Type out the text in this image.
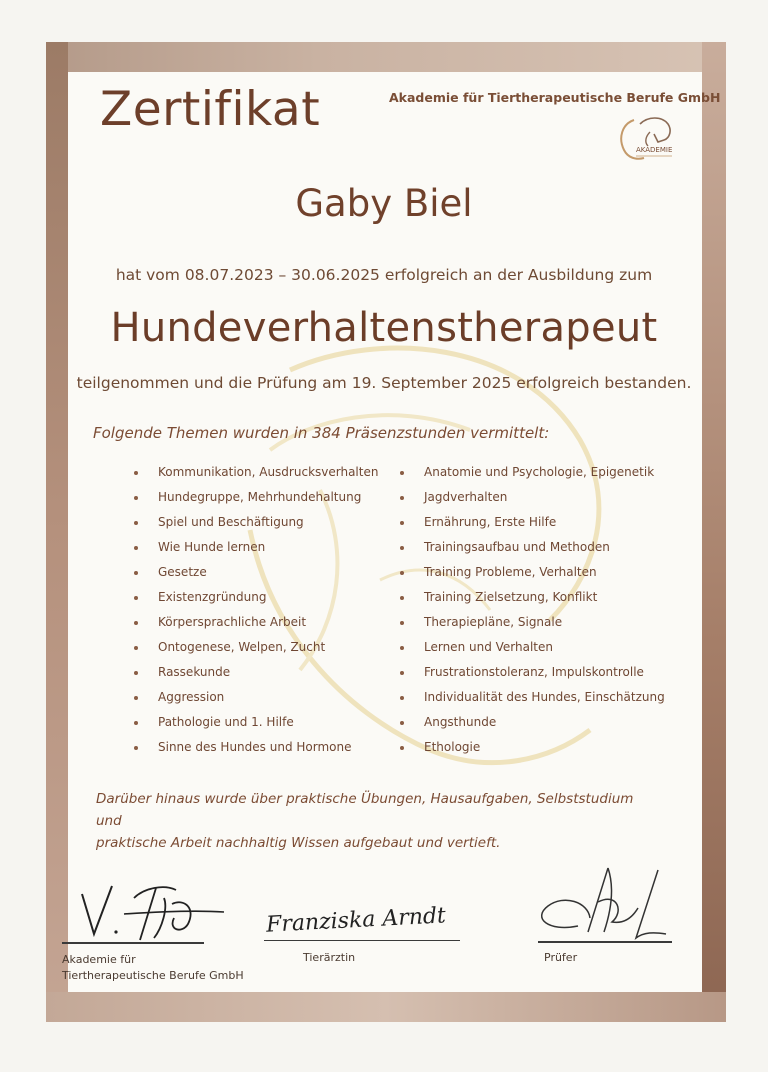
Zertifikat	Akademie für Tiertherapeutische Berufe GmbH
AKADEMIE
Gaby Biel
hat vom 08.07.2023 – 30.06.2025 erfolgreich an der Ausbildung zum
Hundeverhaltenstherapeut
teilgenommen und die Prüfung am 19. September 2025 erfolgreich bestanden.
Folgende Themen wurden in 384 Präsenzstunden vermittelt:
Kommunikation, Ausdrucksverhalten
Hundegruppe, Mehrhundehaltung
Spiel und Beschäftigung
Wie Hunde lernen
Gesetze
Existenzgründung
Körpersprachliche Arbeit
Ontogenese, Welpen, Zucht
Rassekunde
Aggression
Pathologie und 1. Hilfe
Sinne des Hundes und Hormone
Anatomie und Psychologie, Epigenetik
Jagdverhalten
Ernährung, Erste Hilfe
Trainingsaufbau und Methoden
Training Probleme, Verhalten
Training Zielsetzung, Konflikt
Therapiepläne, Signale
Lernen und Verhalten
Frustrationstoleranz, Impulskontrolle
Individualität des Hundes, Einschätzung
Angsthunde
Ethologie
Darüber hinaus wurde über praktische Übungen, Hausaufgaben, Selbststudium und
praktische Arbeit nachhaltig Wissen aufgebaut und vertieft.
Akademie für
Tiertherapeutische Berufe GmbH
Franziska Arndt
Tierärztin	Prüfer
